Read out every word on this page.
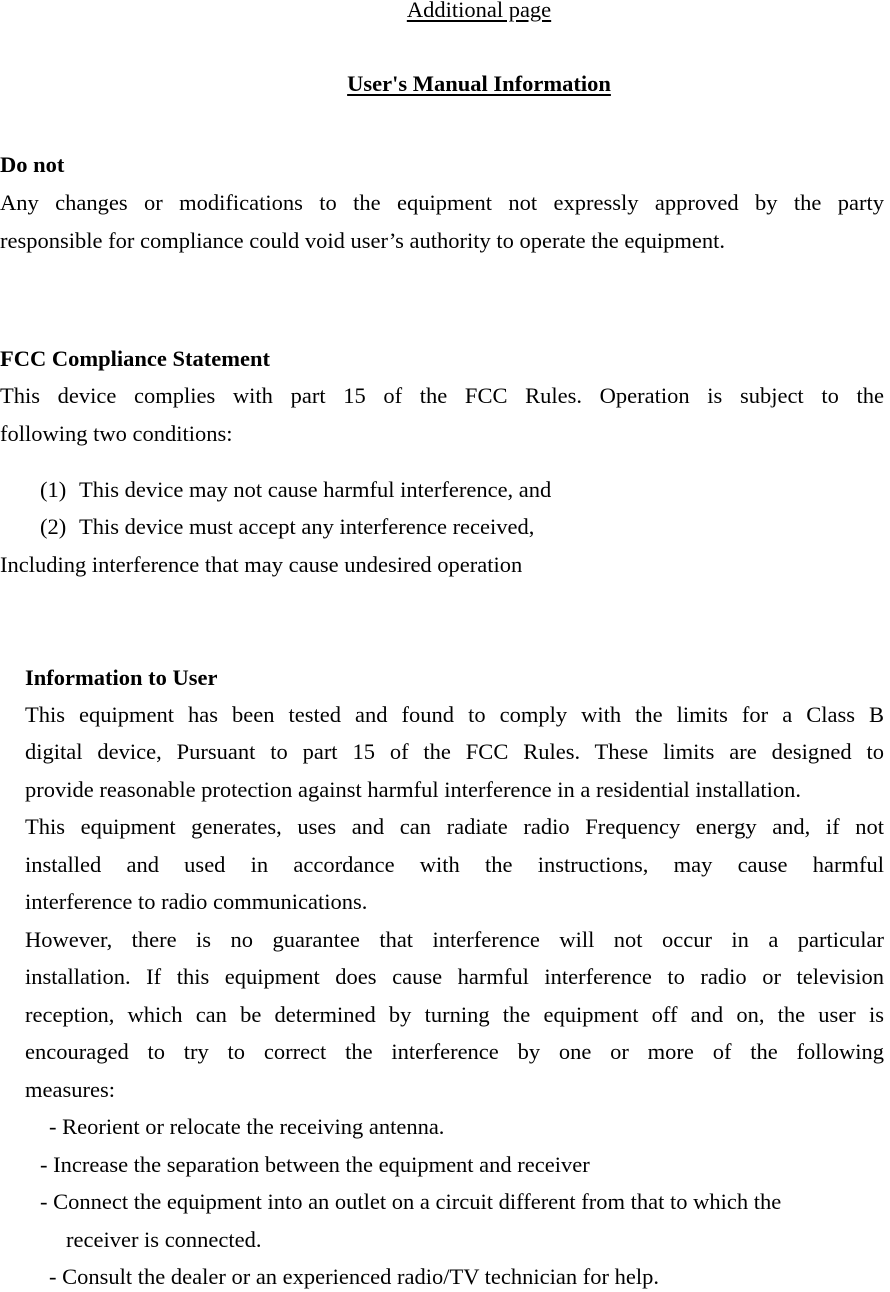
Additional page
User's Manual Information
Do not
Any changes or modifications to the equipment not expressly approved by the party
responsible for compliance could void user’s authority to operate the equipment.
FCC Compliance Statement
This device complies with part 15 of the FCC Rules. Operation is subject to the
following two conditions:
(1) This device may not cause harmful interference, and
(2) This device must accept any interference received,
Including interference that may cause undesired operation
Information to User
This equipment has been tested and found to comply with the limits for a Class B
digital device, Pursuant to part 15 of the FCC Rules. These limits are designed to
provide reasonable protection against harmful interference in a residential installation.
This equipment generates, uses and can radiate radio Frequency energy and, if not
installed and used in accordance with the instructions, may cause harmful
interference to radio communications.
However, there is no guarantee that interference will not occur in a particular
installation. If this equipment does cause harmful interference to radio or television
reception, which can be determined by turning the equipment off and on, the user is
encouraged to try to correct the interference by one or more of the following
measures:
- Reorient or relocate the receiving antenna.
- Increase the separation between the equipment and receiver
- Connect the equipment into an outlet on a circuit different from that to which the
receiver is connected.
- Consult the dealer or an experienced radio/TV technician for help.
